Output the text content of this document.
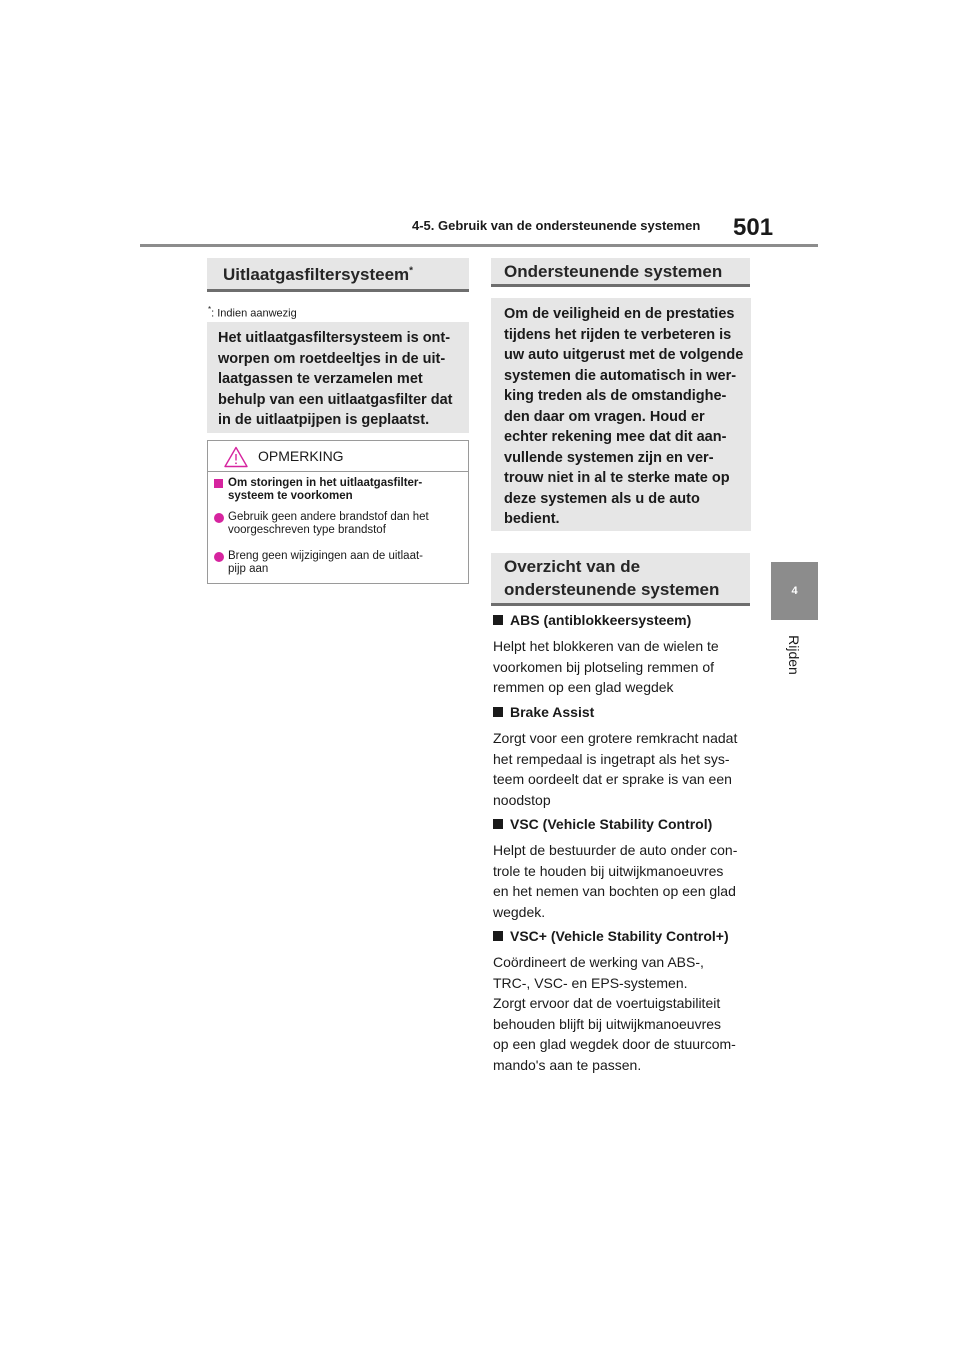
4-5. Gebruik van de ondersteunende systemen 501
4
Rijden
Uitlaatgasfiltersysteem*
*: Indien aanwezig
Het uitlaatgasfiltersysteem is ont-
worpen om roetdeeltjes in de uit-
laatgassen te verzamelen met
behulp van een uitlaatgasfilter dat
in de uitlaatpijpen is geplaatst.
OPMERKING
Om storingen in het uitlaatgasfilter-
systeem te voorkomen
Gebruik geen andere brandstof dan het
voorgeschreven type brandstof
Breng geen wijzigingen aan de uitlaat-
pijp aan
Ondersteunende systemen
Om de veiligheid en de prestaties
tijdens het rijden te verbeteren is
uw auto uitgerust met de volgende
systemen die automatisch in wer-
king treden als de omstandighe-
den daar om vragen. Houd er
echter rekening mee dat dit aan-
vullende systemen zijn en ver-
trouw niet in al te sterke mate op
deze systemen als u de auto
bedient.
Overzicht van de
ondersteunende systemen
ABS (antiblokkeersysteem)
Helpt het blokkeren van de wielen te
voorkomen bij plotseling remmen of
remmen op een glad wegdek
Brake Assist
Zorgt voor een grotere remkracht nadat
het rempedaal is ingetrapt als het sys-
teem oordeelt dat er sprake is van een
noodstop
VSC (Vehicle Stability Control)
Helpt de bestuurder de auto onder con-
trole te houden bij uitwijkmanoeuvres
en het nemen van bochten op een glad
wegdek.
VSC+ (Vehicle Stability Control+)
Coördineert de werking van ABS-,
TRC-, VSC- en EPS-systemen.
Zorgt ervoor dat de voertuigstabiliteit
behouden blijft bij uitwijkmanoeuvres
op een glad wegdek door de stuurcom-
mando's aan te passen.
